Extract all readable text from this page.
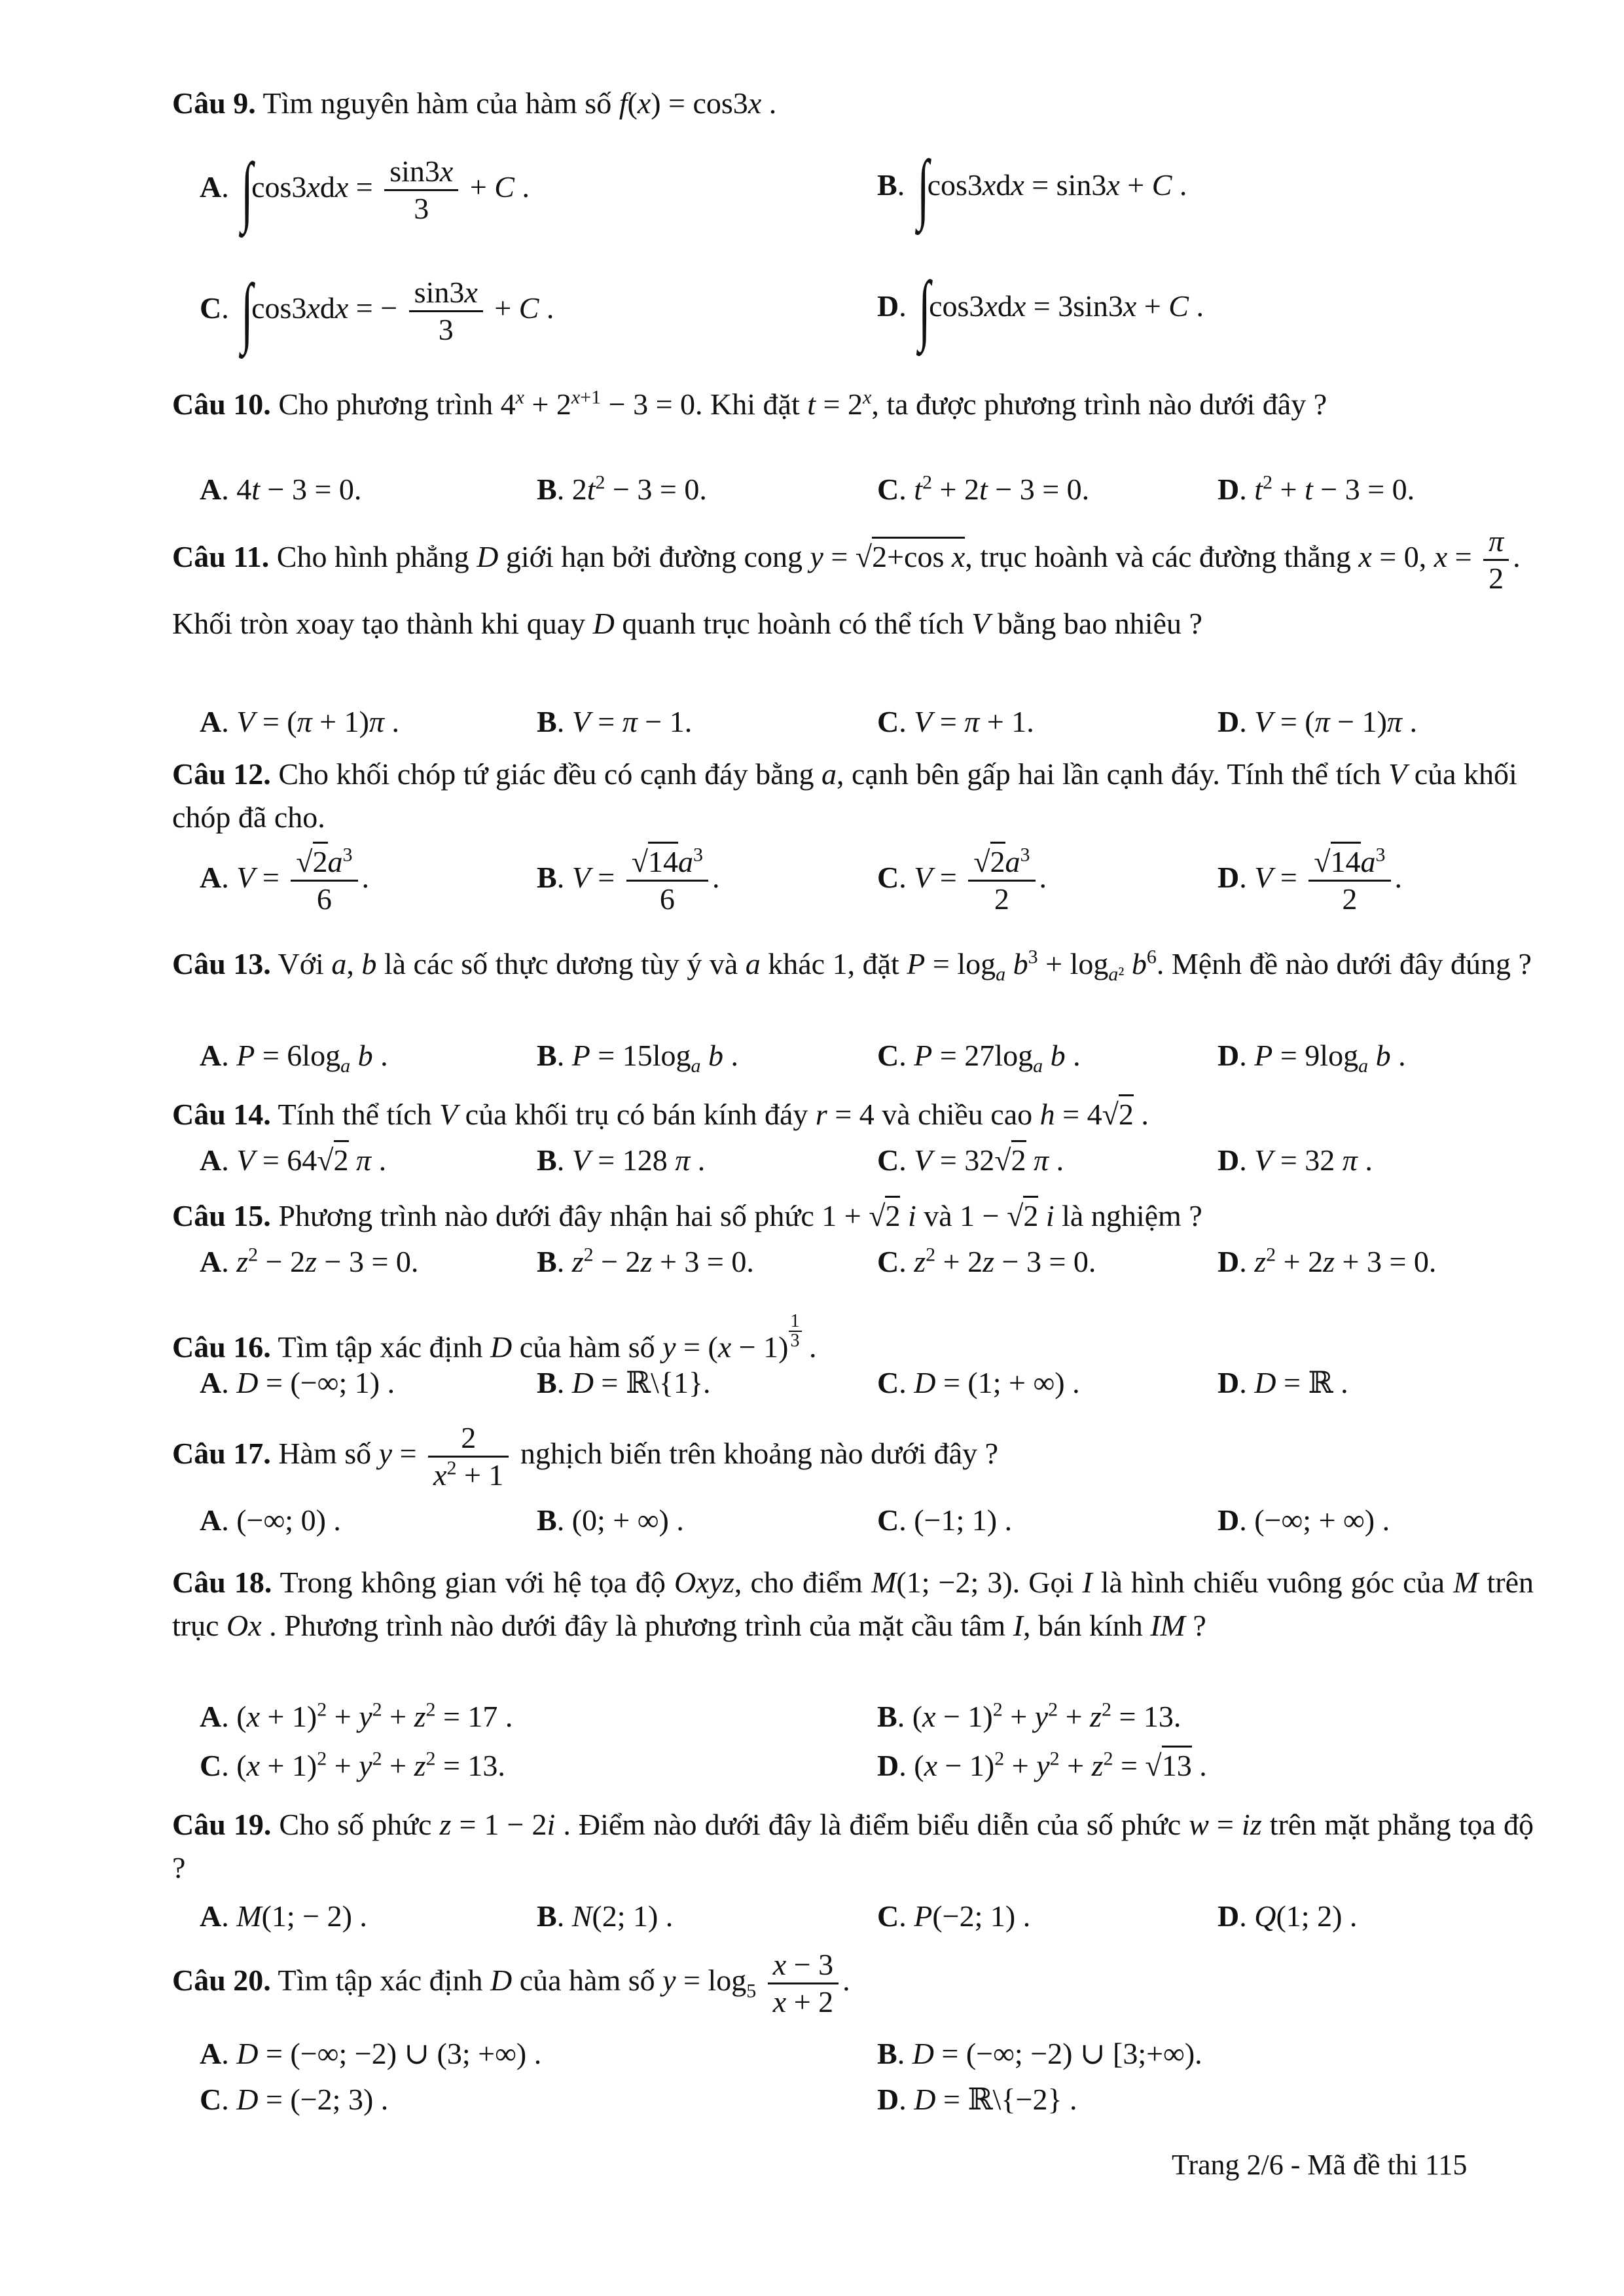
Câu 9. Tìm nguyên hàm của hàm số f(x) = cos3x .
A. $\int\cos 3xdx = \frac{\sin 3x}{3} + C$ .	B. ∫cos3xdx = sin3x + C .
C. ∫cos3xdx = − $\frac{\sin 3x}{3} + C$ .	D. ∫cos3xdx = 3sin3x + C .
Câu 10. Cho phương trình $4^x + 2^{x+1} - 3 = 0$. Khi đặt $t = 2^x$, ta được phương trình nào dưới đây ?
A. 4t − 3 = 0.	B. $2t^2 - 3 = 0$.	C. $t^2 + 2t - 3 = 0$.	D. $t^2 + t - 3 = 0$.
Câu 11. Cho hình phẳng D giới hạn bởi đường cong y = √2+cos x, trục hoành và các đường thẳng x = 0, $x = \frac{\pi}{2}$ . Khối tròn xoay tạo thành khi quay D quanh trục hoành có thể tích V bằng bao nhiêu ?
A. V = (π + 1)π .	B. V = π − 1.	C. V = π + 1.	D. V = (π − 1)π .
Câu 12. Cho khối chóp tứ giác đều có cạnh đáy bằng a, cạnh bên gấp hai lần cạnh đáy. Tính thể tích V của khối chóp đã cho.
A. $V = \frac{√2a^3}{6}$ .	B. $V = \frac{√14a^3}{6}$ .	C. $V = \frac{√2a^3}{2}$ .	D. $V = \frac{√14a^3}{2}$ .
Câu 13. Với a, b là các số thực dương tùy ý và a khác 1, đặt $P = \log_a b^3 + \log_{a^2} b^6$. Mệnh đề nào dưới đây đúng ?
A. $P = 6\log_a$ b .	B. $P = 15\log_a$ b .	C. $P = 27\log_a$ b .	D. $P = 9\log_a$ b .
Câu 14. Tính thể tích V của khối trụ có bán kính đáy r = 4 và chiều cao h = 4√2 .
A. V = 64√2 π .	B. V = 128 π .	C. V = 32√2 π .	D. V = 32 π .
Câu 15. Phương trình nào dưới đây nhận hai số phức 1 + √2 i và 1 − √2 i là nghiệm ?
A. $z^2 - 2z - 3 = 0$.	B. $z^2 - 2z + 3 = 0$.	C. $z^2 + 2z - 3 = 0$.	D. $z^2 + 2z + 3 = 0$.
Câu 16. Tìm tập xác định D của hàm số $y = (x - 1) \frac{1}{3}$ .
A. D = (−∞; 1) .	B. D = ℝ\{1}.	C. D = (1; + ∞) .	D. D = ℝ .
Câu 17. Hàm số $y = \frac{2}{x^2 + 1}$ nghịch biến trên khoảng nào dưới đây ?
A. (−∞; 0) .	B. (0; + ∞) .	C. (−1; 1) .	D. (−∞; + ∞) .
Câu 18. Trong không gian với hệ tọa độ Oxyz, cho điểm M(1; −2; 3). Gọi I là hình chiếu vuông góc của M trên trục Ox . Phương trình nào dưới đây là phương trình của mặt cầu tâm I, bán kính IM ?
A. $(x + 1)^2 + y^2 + z^2 = 17$ .	B. $(x - 1)^2 + y^2 + z^2 = 13$.
C. $(x + 1)^2 + y^2 + z^2 = 13$.	D. $(x - 1)^2 + y^2 + z^2 = √13$ .
Câu 19. Cho số phức z = 1 − 2i . Điểm nào dưới đây là điểm biểu diễn của số phức w = iz trên mặt phẳng tọa độ ?
A. M(1; − 2) .	B. N(2; 1) .	C. P(−2; 1) .	D. Q(1; 2) .
Câu 20. Tìm tập xác định D của hàm số $y = \log_5 \frac{x - 3}{x + 2}$ .
A. D = (−∞; −2) ∪ (3; +∞) .	B. D = (−∞; −2) ∪ [3;+∞).
C. D = (−2; 3) .	D. D = ℝ\{−2} .
Trang 2/6 - Mã đề thi 115
